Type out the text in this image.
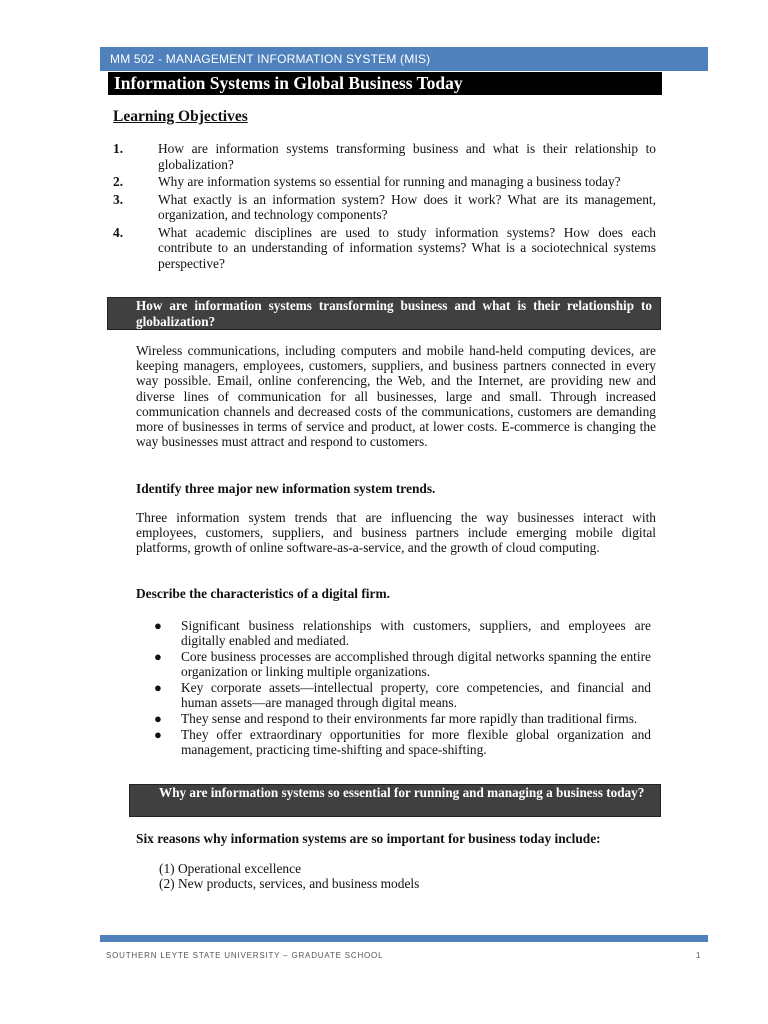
MM 502 - MANAGEMENT INFORMATION SYSTEM (MIS)
Information Systems in Global Business Today
Learning Objectives
1.	How are information systems transforming business and what is their relationship to globalization?
2.	Why are information systems so essential for running and managing a business today?
3.	What exactly is an information system? How does it work? What are its management, organization, and technology components?
4.	What academic disciplines are used to study information systems? How does each contribute to an understanding of information systems? What is a sociotechnical systems perspective?
How are information systems transforming business and what is their relationship to globalization?

Wireless communications, including computers and mobile hand-held computing devices, are keeping managers, employees, customers, suppliers, and business partners connected in every way possible. Email, online conferencing, the Web, and the Internet, are providing new and diverse lines of communication for all businesses, large and small. Through increased communication channels and decreased costs of the communications, customers are demanding more of businesses in terms of service and product, at lower costs. E-commerce is changing the way businesses must attract and respond to customers.

Identify three major new information system trends.

Three information system trends that are influencing the way businesses interact with employees, customers, suppliers, and business partners include emerging mobile digital platforms, growth of online software-as-a-service, and the growth of cloud computing.

Describe the characteristics of a digital firm.

●	Significant business relationships with customers, suppliers, and employees are digitally enabled and mediated.
●	Core business processes are accomplished through digital networks spanning the entire organization or linking multiple organizations.
●	Key corporate assets—intellectual property, core competencies, and financial and human assets—are managed through digital means.
●	They sense and respond to their environments far more rapidly than traditional firms.
●	They offer extraordinary opportunities for more flexible global organization and management, practicing time-shifting and space-shifting.
Why are information systems so essential for running and managing a business today?

Six reasons why information systems are so important for business today include:

(1) Operational excellence
(2) New products, services, and business models
SOUTHERN LEYTE STATE UNIVERSITY – GRADUATE SCHOOL	1
